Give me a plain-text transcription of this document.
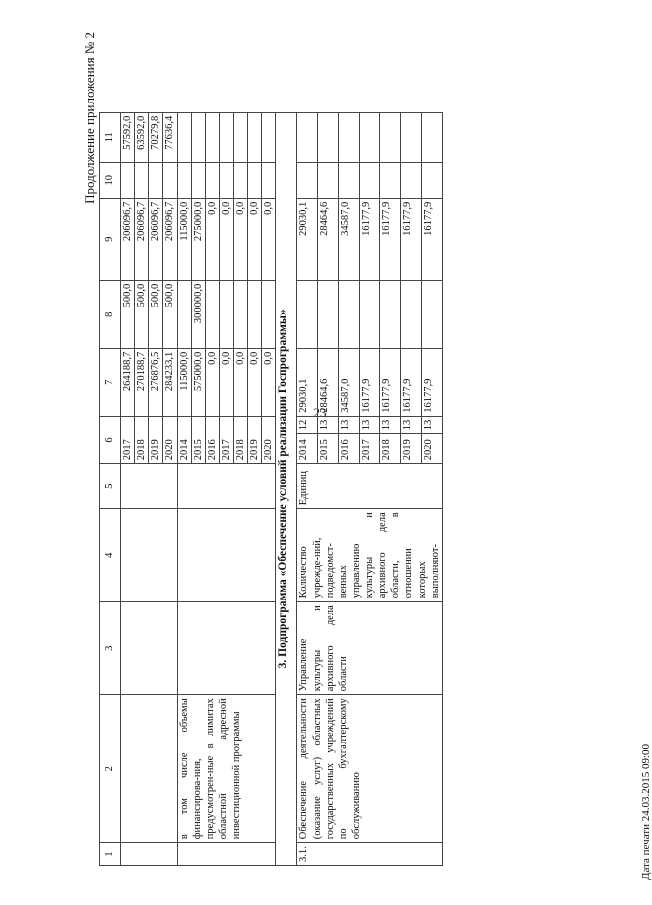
23
Продолжение приложения № 2
1	2	3	4	5	6		7	8	9	10	11
					2017		264188,7	500,0	206096,7		57592,0
					2018		270188,7	500,0	206096,7		63592,0
					2019		276876,5	500,0	206096,7		70279,8
					2020		284233,1	500,0	206096,7		77636,4
	в том числе объемы финансирова-ния, предусмотрен-ные в лимитах областной адресной инвестиционной программы				2014		115000,0		115000,0		
					2015		575000,0	300000,0	275000,0		
					2016		0,0		0,0		
					2017		0,0		0,0		
					2018		0,0		0,0		
					2019		0,0		0,0		
					2020		0,0		0,0		
3. Подпрограмма «Обеспечение условий реализации Госпрограммы»											
3.1.	Обеспечение деятельности (оказание услуг) областных государственных учреждений по бухгалтерскому обслуживанию	Управление культуры и архивного дела области	Количество учрежде-ний, подведомст-венных управлению культуры и архивного дела области, в отношении которых выполняют-	Единиц	2014	12	29030,1		29030,1		
					2015	13	28464,6		28464,6		
					2016	13	34587,0		34587,0		
					2017	13	16177,9		16177,9		
					2018	13	16177,9		16177,9		
					2019	13	16177,9		16177,9		
					2020	13	16177,9		16177,9		
Дата печати 24.03.2015 09:00
